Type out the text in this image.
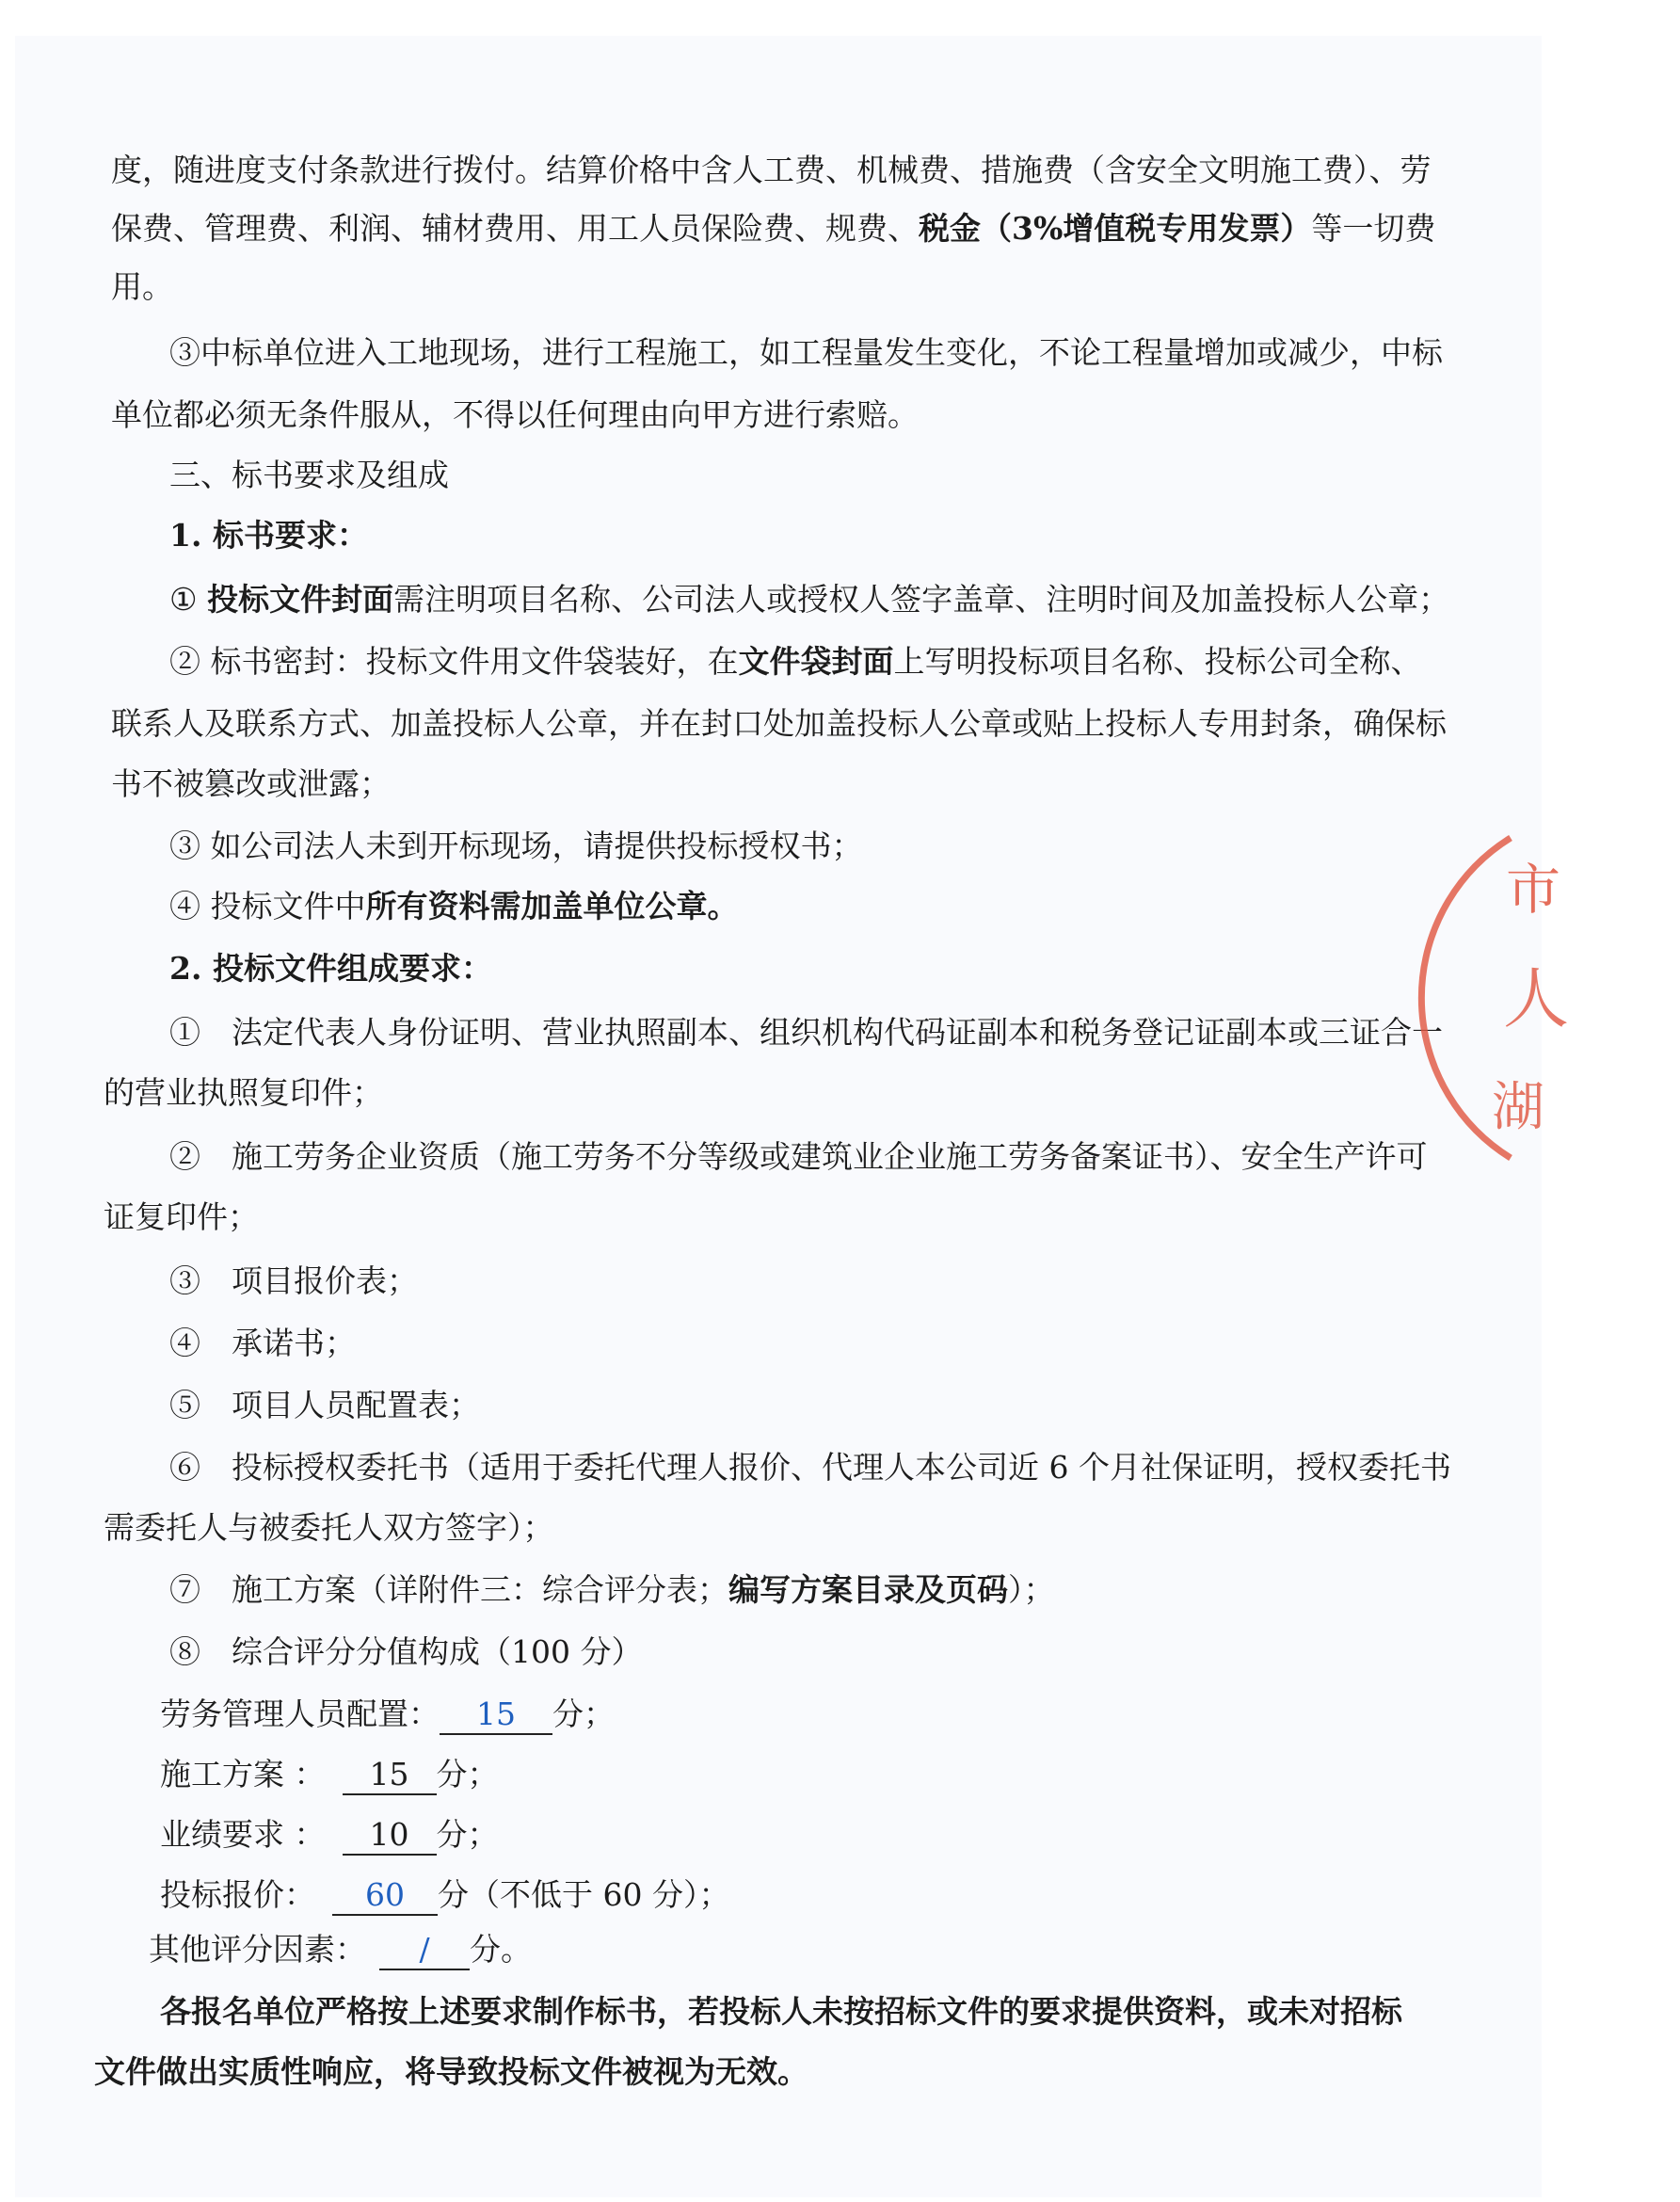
度，随进度支付条款进行拨付。结算价格中含人工费、机械费、措施费（含安全文明施工费）、劳
保费、管理费、利润、辅材费用、用工人员保险费、规费、税金（3%增值税专用发票）等一切费
用。
③中标单位进入工地现场，进行工程施工，如工程量发生变化，不论工程量增加或减少，中标
单位都必须无条件服从，不得以任何理由向甲方进行索赔。
三、标书要求及组成
1. 标书要求：
① 投标文件封面需注明项目名称、公司法人或授权人签字盖章、注明时间及加盖投标人公章；
② 标书密封：投标文件用文件袋装好，在文件袋封面上写明投标项目名称、投标公司全称、
联系人及联系方式、加盖投标人公章，并在封口处加盖投标人公章或贴上投标人专用封条，确保标
书不被篡改或泄露；
③ 如公司法人未到开标现场，请提供投标授权书；
④ 投标文件中所有资料需加盖单位公章。
2. 投标文件组成要求：
①　法定代表人身份证明、营业执照副本、组织机构代码证副本和税务登记证副本或三证合一
的营业执照复印件；
②　施工劳务企业资质（施工劳务不分等级或建筑业企业施工劳务备案证书）、安全生产许可
证复印件；
③　项目报价表；
④　承诺书；
⑤　项目人员配置表；
⑥　投标授权委托书（适用于委托代理人报价、代理人本公司近 6 个月社保证明，授权委托书
需委托人与被委托人双方签字）；
⑦　施工方案（详附件三：综合评分表；编写方案目录及页码）；
⑧　综合评分分值构成（100 分）
劳务管理人员配置： 15 分；
施工方案 ： 15 分；
业绩要求 ： 10 分；
投标报价： 60 分（不低于 60 分）；
其他评分因素： / 分。
各报名单位严格按上述要求制作标书，若投标人未按招标文件的要求提供资料，或未对招标
文件做出实质性响应，将导致投标文件被视为无效。
市
人
湖
